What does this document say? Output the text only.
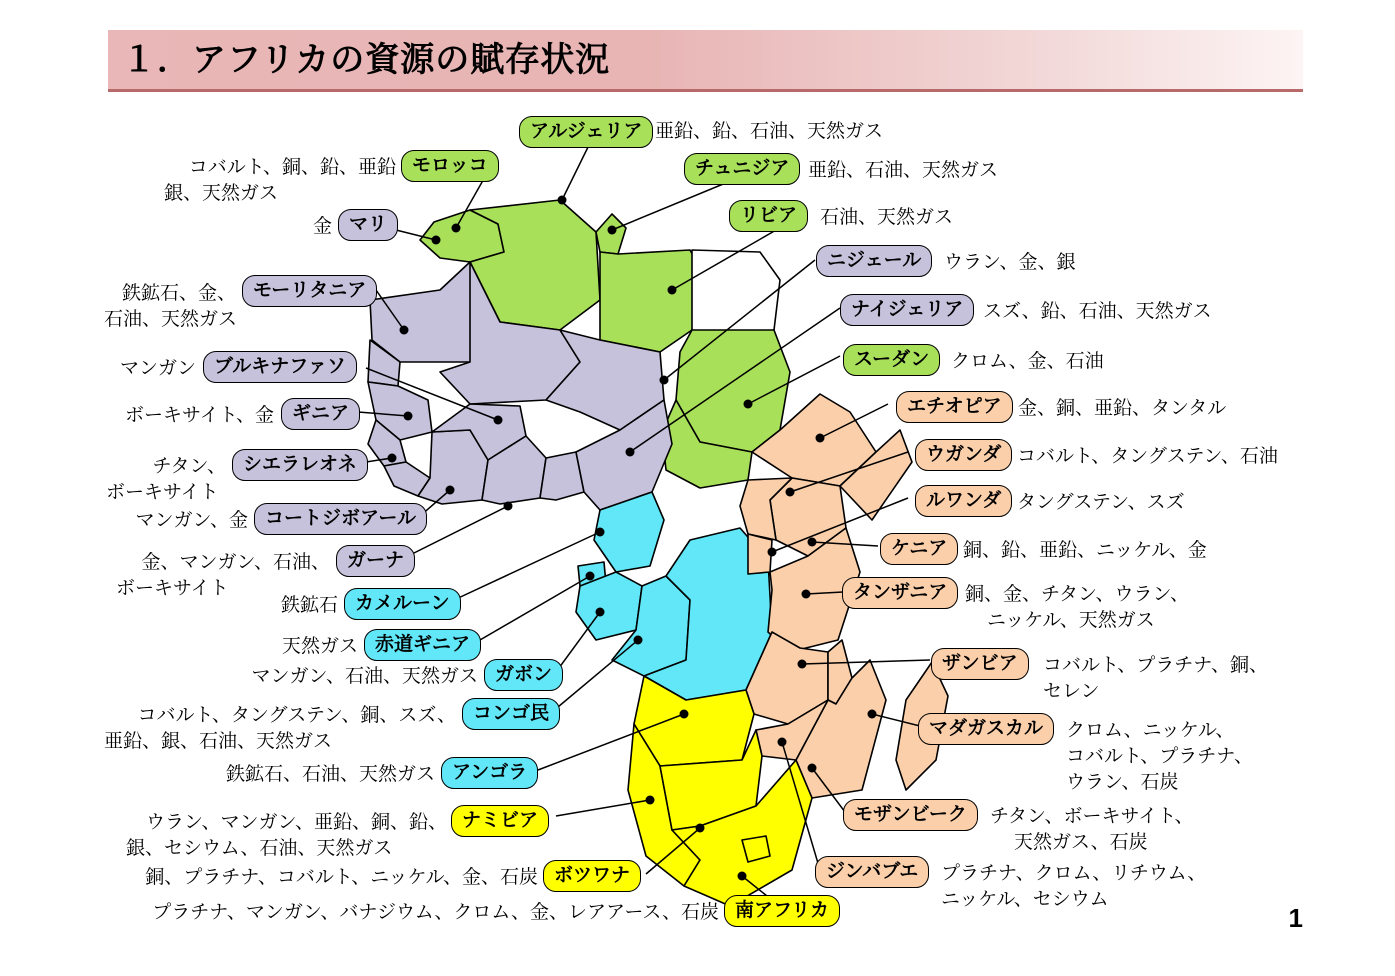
１．アフリカの資源の賦存状況
アルジェリア
モロッコ	チュニジア
リビア
マリ
ニジェール
モーリタニア
ナイジェリア
ブルキナファソ	スーダン
ギニア	エチオピア
シエラレオネ	ウガンダ
コートジボアール
ルワンダ
ガーナ
ケニア
カメルーン
タンザニア
赤道ギニア
ガボン
ザンビア
コンゴ民
マダガスカル
アンゴラ
ナミビア	モザンビーク
ボツワナ	ジンバブエ
南アフリカ
亜鉛、鉛、石油、天然ガス
コバルト、銅、鉛、亜鉛
銀、天然ガス
亜鉛、石油、天然ガス
石油、天然ガス
金
ウラン、金、銀
鉄鉱石、金、
石油、天然ガス	スズ、鉛、石油、天然ガス
マンガン	クロム、金、石油
ボーキサイト、金	金、銅、亜鉛、タンタル
チタン、
ボーキサイト
コバルト、タングステン、石油
マンガン、金
タングステン、スズ
金、マンガン、石油、
ボーキサイト
銅、鉛、亜鉛、ニッケル、金
鉄鉱石
銅、金、チタン、ウラン、
ニッケル、天然ガス
天然ガス
マンガン、石油、天然ガス
コバルト、プラチナ、銅、
セレン
コバルト、タングステン、銅、スズ、
亜鉛、銀、石油、天然ガス
クロム、ニッケル、
コバルト、プラチナ、
ウラン、石炭
鉄鉱石、石油、天然ガス
ウラン、マンガン、亜鉛、銅、鉛、
銀、セシウム、石油、天然ガス
チタン、ボーキサイト、
天然ガス、石炭
銅、プラチナ、コバルト、ニッケル、金、石炭	プラチナ、クロム、リチウム、
ニッケル、セシウム
プラチナ、マンガン、バナジウム、クロム、金、レアアース、石炭	1
